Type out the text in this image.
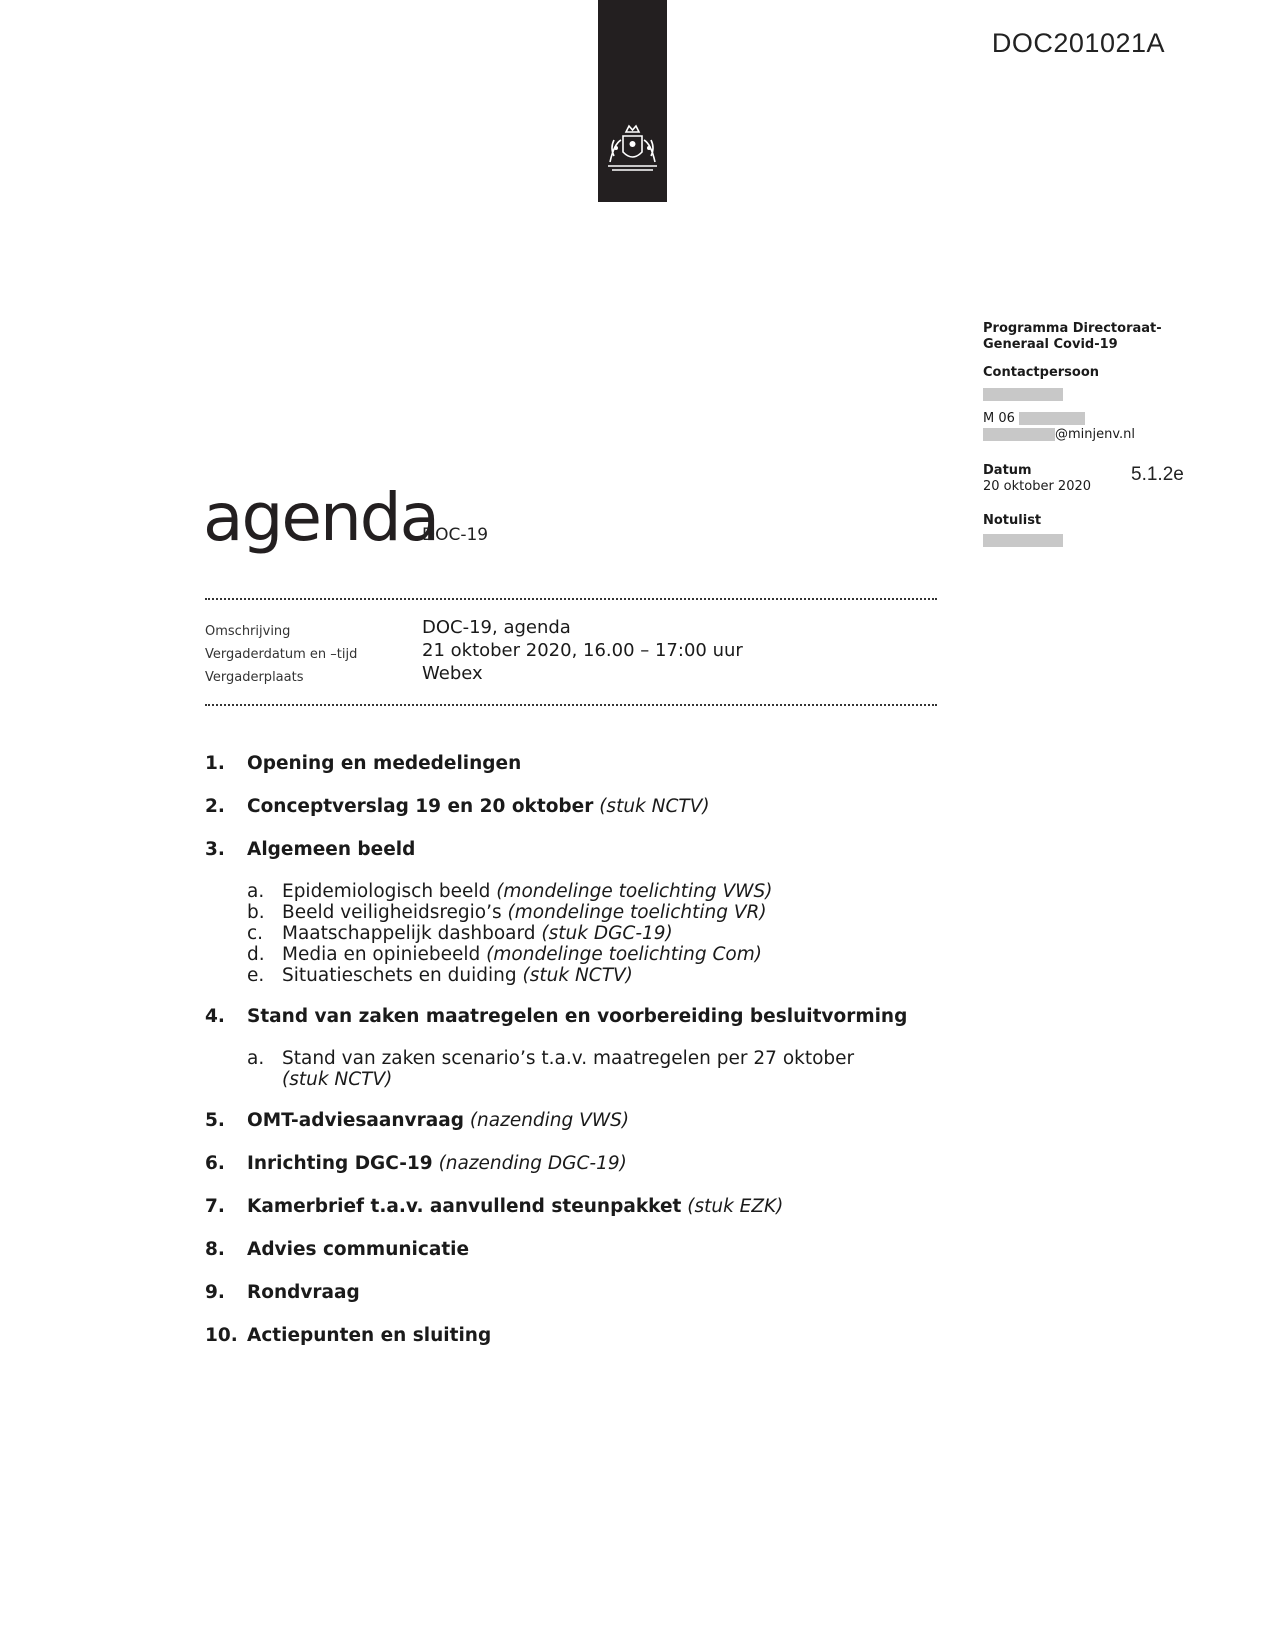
DOC201021A
Programma Directoraat-
Generaal Covid-19
Contactpersoon
M 06
@minjenv.nl
Datum
20 oktober 2020
Notulist
5.1.2e
agenda
DOC-19
Omschrijving
Vergaderdatum en –tijd
Vergaderplaats
DOC-19, agenda
21 oktober 2020, 16.00 – 17:00 uur
Webex
1. Opening en mededelingen
2. Conceptverslag 19 en 20 oktober (stuk NCTV)
3. Algemeen beeld
a. Epidemiologisch beeld (mondelinge toelichting VWS)
b. Beeld veiligheidsregio’s (mondelinge toelichting VR)
c. Maatschappelijk dashboard (stuk DGC-19)
d. Media en opiniebeeld (mondelinge toelichting Com)
e. Situatieschets en duiding (stuk NCTV)
4. Stand van zaken maatregelen en voorbereiding besluitvorming
a. Stand van zaken scenario’s t.a.v. maatregelen per 27 oktober
(stuk NCTV)
5. OMT-adviesaanvraag (nazending VWS)
6. Inrichting DGC-19 (nazending DGC-19)
7. Kamerbrief t.a.v. aanvullend steunpakket (stuk EZK)
8. Advies communicatie
9. Rondvraag
10. Actiepunten en sluiting
